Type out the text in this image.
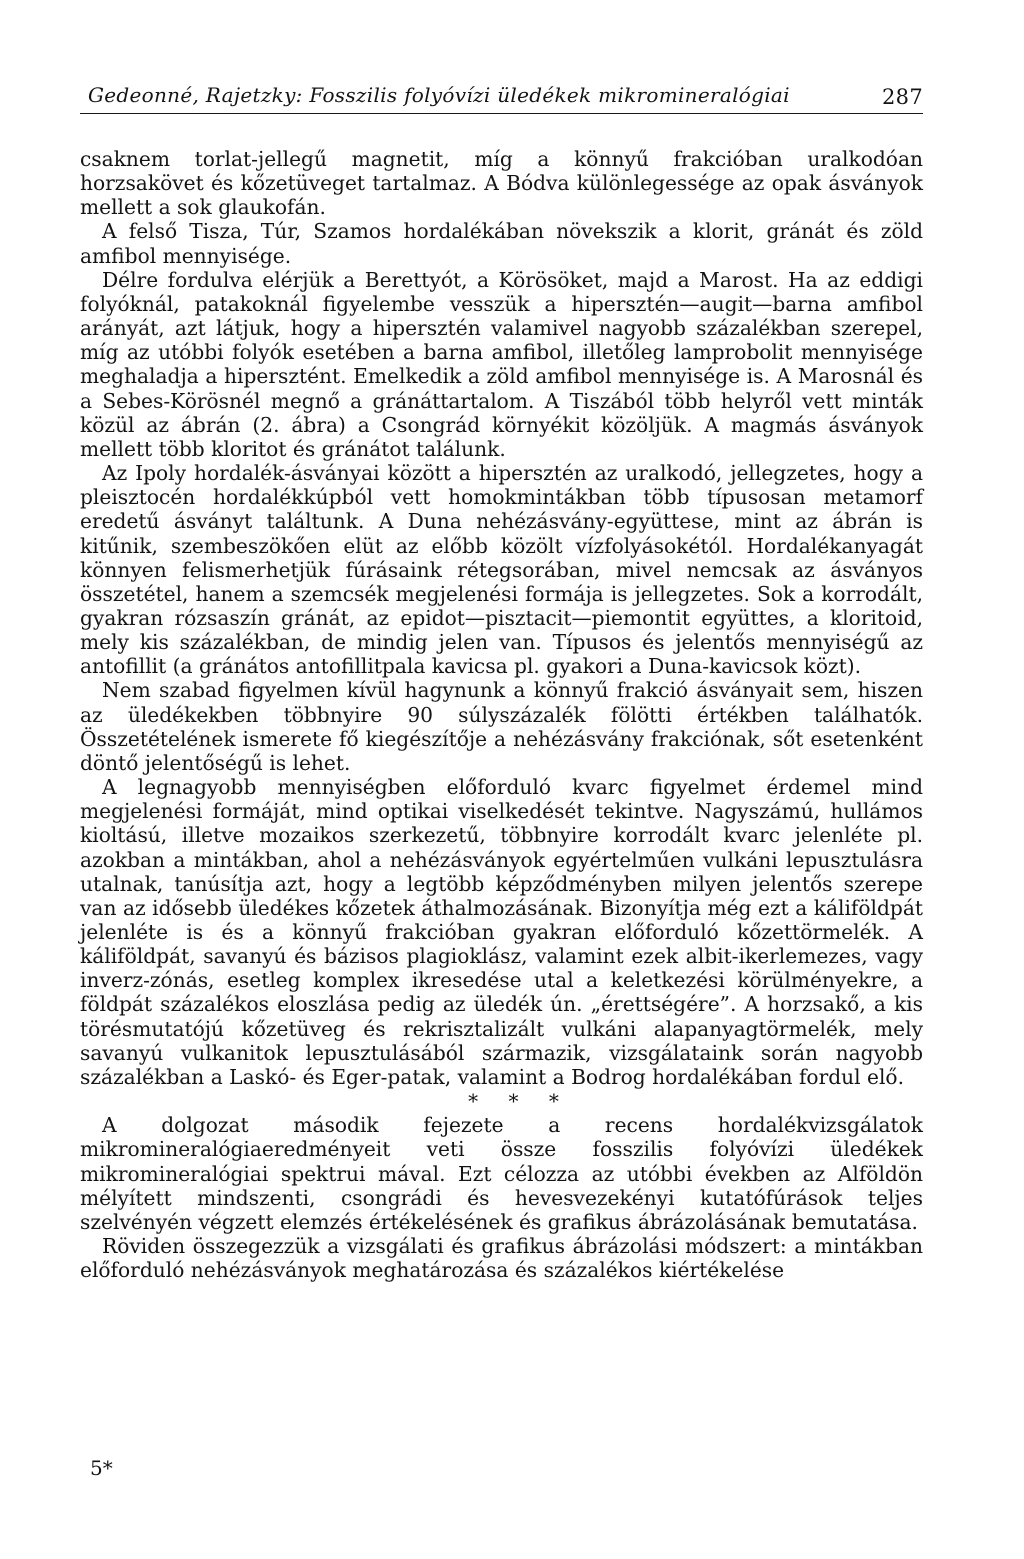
Gedeonné, Rajetzky: Fosszilis folyóvízi üledékek mikromineralógiai	287

csaknem torlat-jellegű magnetit, míg a könnyű frakcióban uralkodóan horzsakövet és kőzetüveget tartalmaz. A Bódva különlegessége az opak ásványok mellett a sok glaukofán.

A felső Tisza, Túr, Szamos hordalékában növekszik a klorit, gránát és zöld amfibol mennyisége.

Délre fordulva elérjük a Berettyót, a Körösöket, majd a Marost. Ha az eddigi folyóknál, patakoknál figyelembe vesszük a hipersztén—augit—barna amfibol arányát, azt látjuk, hogy a hipersztén valamivel nagyobb százalékban szerepel, míg az utóbbi folyók esetében a barna amfibol, illetőleg lamprobolit mennyisége meghaladja a hipersztént. Emelkedik a zöld amfibol mennyisége is. A Marosnál és a Sebes-Körösnél megnő a gránáttartalom. A Tiszából több helyről vett minták közül az ábrán (2. ábra) a Csongrád környékit közöljük. A magmás ásványok mellett több kloritot és gránátot találunk.

Az Ipoly hordalék-ásványai között a hipersztén az uralkodó, jellegzetes, hogy a pleisztocén hordalékkúpból vett homokmintákban több típusosan metamorf eredetű ásványt találtunk. A Duna nehézásvány-együttese, mint az ábrán is kitűnik, szembeszökően elüt az előbb közölt vízfolyásokétól. Hordalékanyagát könnyen felismerhetjük fúrásaink rétegsorában, mivel nemcsak az ásványos összetétel, hanem a szemcsék megjelenési formája is jellegzetes. Sok a korrodált, gyakran rózsaszín gránát, az epidot—pisztacit—piemontit együttes, a kloritoid, mely kis százalékban, de mindig jelen van. Típusos és jelentős mennyiségű az antofillit (a gránátos antofillitpala kavicsa pl. gyakori a Duna-kavicsok közt).

Nem szabad figyelmen kívül hagynunk a könnyű frakció ásványait sem, hiszen az üledékekben többnyire 90 súlyszázalék fölötti értékben találhatók. Összetételének ismerete fő kiegészítője a nehézásvány frakciónak, sőt esetenként döntő jelentőségű is lehet.

A legnagyobb mennyiségben előforduló kvarc figyelmet érdemel mind megjelenési formáját, mind optikai viselkedését tekintve. Nagyszámú, hullámos kioltású, illetve mozaikos szerkezetű, többnyire korrodált kvarc jelenléte pl. azokban a mintákban, ahol a nehézásványok egyértelműen vulkáni lepusztulásra utalnak, tanúsítja azt, hogy a legtöbb képződményben milyen jelentős szerepe van az idősebb üledékes kőzetek áthalmozásának. Bizonyítja még ezt a káliföldpát jelenléte is és a könnyű frakcióban gyakran előforduló kőzettörmelék. A káliföldpát, savanyú és bázisos plagioklász, valamint ezek albit-ikerlemezes, vagy inverz-zónás, esetleg komplex ikresedése utal a keletkezési körülményekre, a földpát százalékos eloszlása pedig az üledék ún. „érettségére”. A horzsakő, a kis törésmutatójú kőzetüveg és rekrisztalizált vulkáni alapanyagtörmelék, mely savanyú vulkanitok lepusztulásából származik, vizsgálataink során nagyobb százalékban a Laskó- és Eger-patak, valamint a Bodrog hordalékában fordul elő.

* * *

A dolgozat második fejezete a recens hordalékvizsgálatok mikromineralógiaeredményeit veti össze fosszilis folyóvízi üledékek mikromineralógiai spektrui mával. Ezt célozza az utóbbi években az Alföldön mélyített mindszenti, csongrádi és hevesvezekényi kutatófúrások teljes szelvényén végzett elemzés értékelésének és grafikus ábrázolásának bemutatása.

Röviden összegezzük a vizsgálati és grafikus ábrázolási módszert: a mintákban előforduló nehézásványok meghatározása és százalékos kiértékelése

5*
